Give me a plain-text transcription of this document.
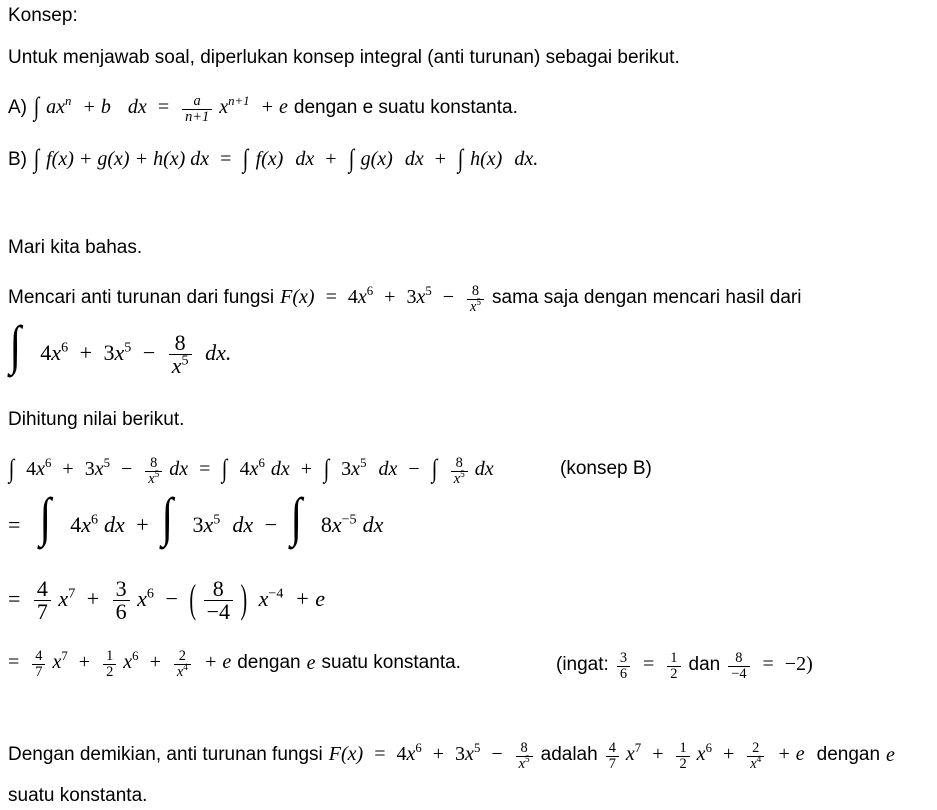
Konsep:
Untuk menjawab soal, diperlukan konsep integral (anti turunan) sebagai berikut.
A) ∫ $ax^n + b$ dx = $\frac{a}{n+1} x^{n+1} + e$ dengan e suatu konstanta.
B) ∫ f(x) + g(x) + h(x) dx = ∫ f(x) dx + ∫ g(x) dx + ∫ h(x) dx.
Mari kita bahas.
Mencari anti turunan dari fungsi $F(x) = 4x^6 + 3x^5 - \frac{8}{x^5}$ sama saja dengan mencari hasil dari
∫ $4x^6 + 3x^5 - \frac{8}{x^5}$ dx.
Dihitung nilai berikut.
∫ $4x^6 + 3x^5 - \frac{8}{x^5}$ dx = ∫ $4x^6$ dx + ∫ $3x^5$ dx − ∫ $\frac{8}{x^5}$ dx	(konsep B)
= ∫ $4x^6$ dx + ∫ $3x^5$ dx − ∫ $8x^{-5}$ dx
= $\frac{4}{7} x^7 + \frac{3}{6} x^6$ − ( $\frac{8}{-4}$ ) $x^{-4} + e$
= $\frac{4}{7} x^7 + \frac{1}{2} x^6 + \frac{2}{x^4} + e$ dengan e suatu konstanta.	(ingat: $\frac{3}{6} = \frac{1}{2}$ dan $\frac{8}{-4} = -2$)
Dengan demikian, anti turunan fungsi $F(x) = 4x^6 + 3x^5 - \frac{8}{x^5}$ adalah $\frac{4}{7} x^7 + \frac{1}{2} x^6 + \frac{2}{x^4} + e$ dengan e
suatu konstanta.
